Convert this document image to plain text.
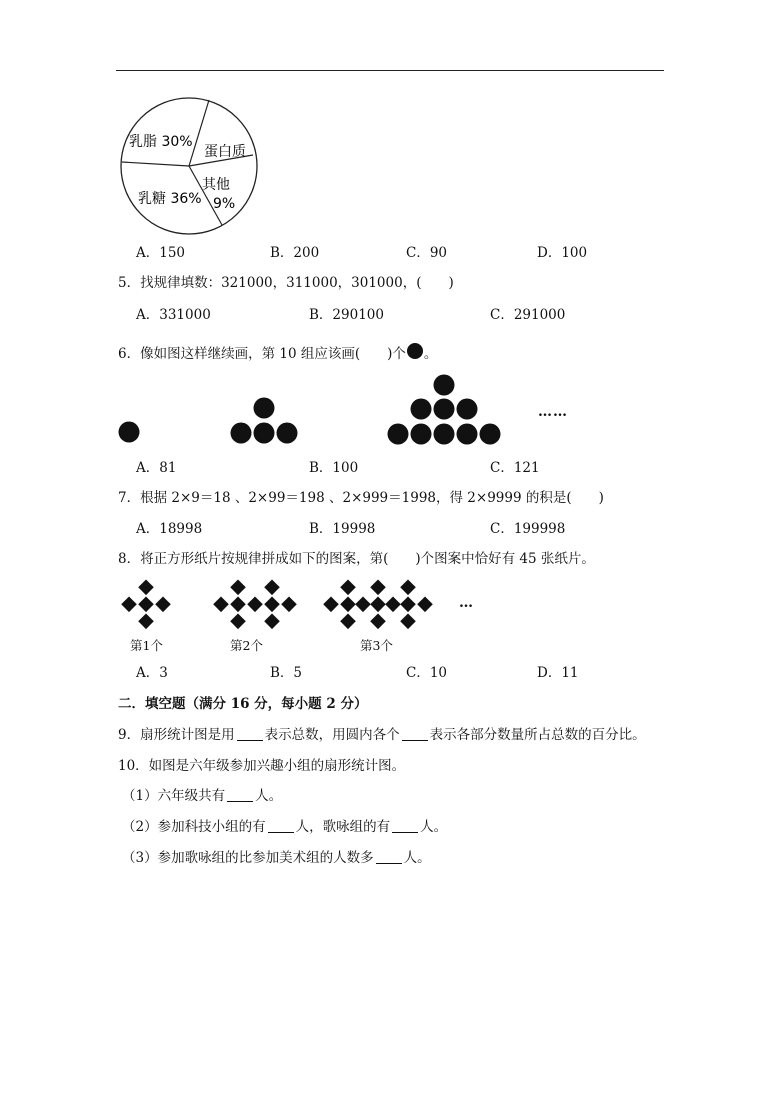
乳脂 30%
蛋白质
其他
9%
乳糖 36%
A．150	B．200	C．90	D．100
5．找规律填数：321000，311000，301000，(　　)
A．331000	B．290100	C．291000
6．像如图这样继续画，第 10 组应该画(　　)个 。
……
A．81	B．100	C．121
7．根据 2×9＝18 、2×99＝198 、2×999＝1998，得 2×9999 的积是(　　)
A．18998	B．19998	C．199998
8．将正方形纸片按规律拼成如下的图案，第(　　)个图案中恰好有 45 张纸片。
…
第1个	第2个	第3个
A．3	B．5	C．10	D．11
二．填空题（满分 16 分，每小题 2 分）
9．扇形统计图是用 表示总数，用圆内各个 表示各部分数量所占总数的百分比。
10．如图是六年级参加兴趣小组的扇形统计图。
（1）六年级共有 人。
（2）参加科技小组的有 人，歌咏组的有 人。
（3）参加歌咏组的比参加美术组的人数多 人。
